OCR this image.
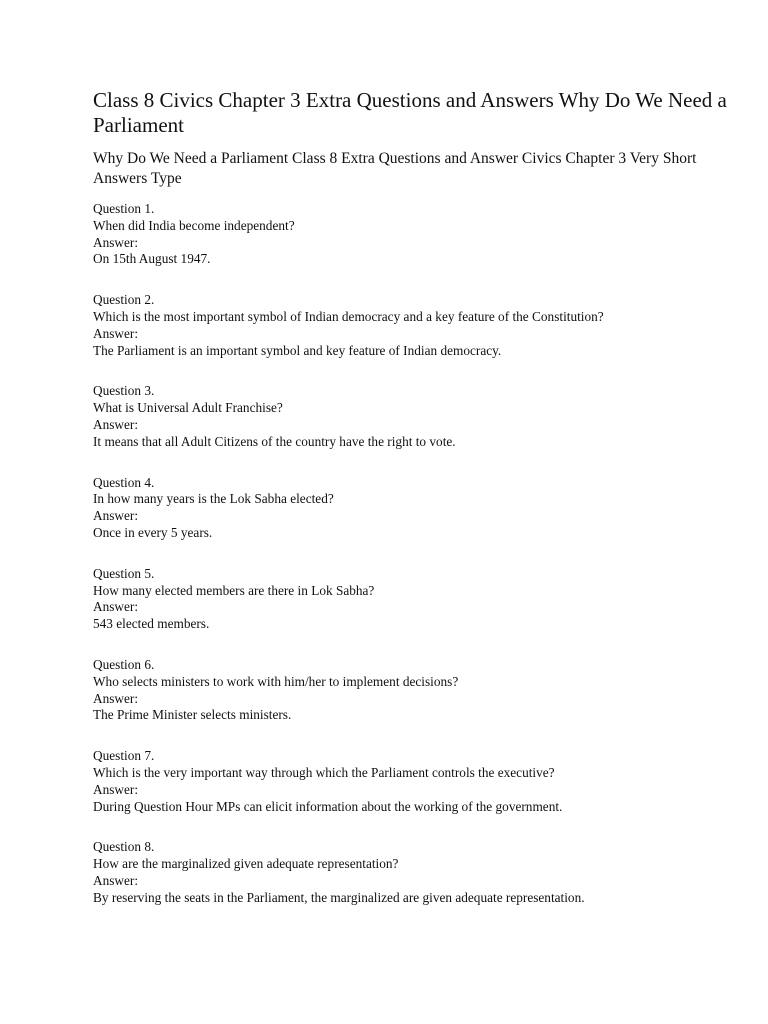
Class 8 Civics Chapter 3 Extra Questions and Answers Why Do We Need a Parliament
Why Do We Need a Parliament Class 8 Extra Questions and Answer Civics Chapter 3 Very Short Answers Type
Question 1.
When did India become independent?
Answer:
On 15th August 1947.
Question 2.
Which is the most important symbol of Indian democracy and a key feature of the Constitution?
Answer:
The Parliament is an important symbol and key feature of Indian democracy.
Question 3.
What is Universal Adult Franchise?
Answer:
It means that all Adult Citizens of the country have the right to vote.
Question 4.
In how many years is the Lok Sabha elected?
Answer:
Once in every 5 years.
Question 5.
How many elected members are there in Lok Sabha?
Answer:
543 elected members.
Question 6.
Who selects ministers to work with him/her to implement decisions?
Answer:
The Prime Minister selects ministers.
Question 7.
Which is the very important way through which the Parliament controls the executive?
Answer:
During Question Hour MPs can elicit information about the working of the government.
Question 8.
How are the marginalized given adequate representation?
Answer:
By reserving the seats in the Parliament, the marginalized are given adequate representation.
